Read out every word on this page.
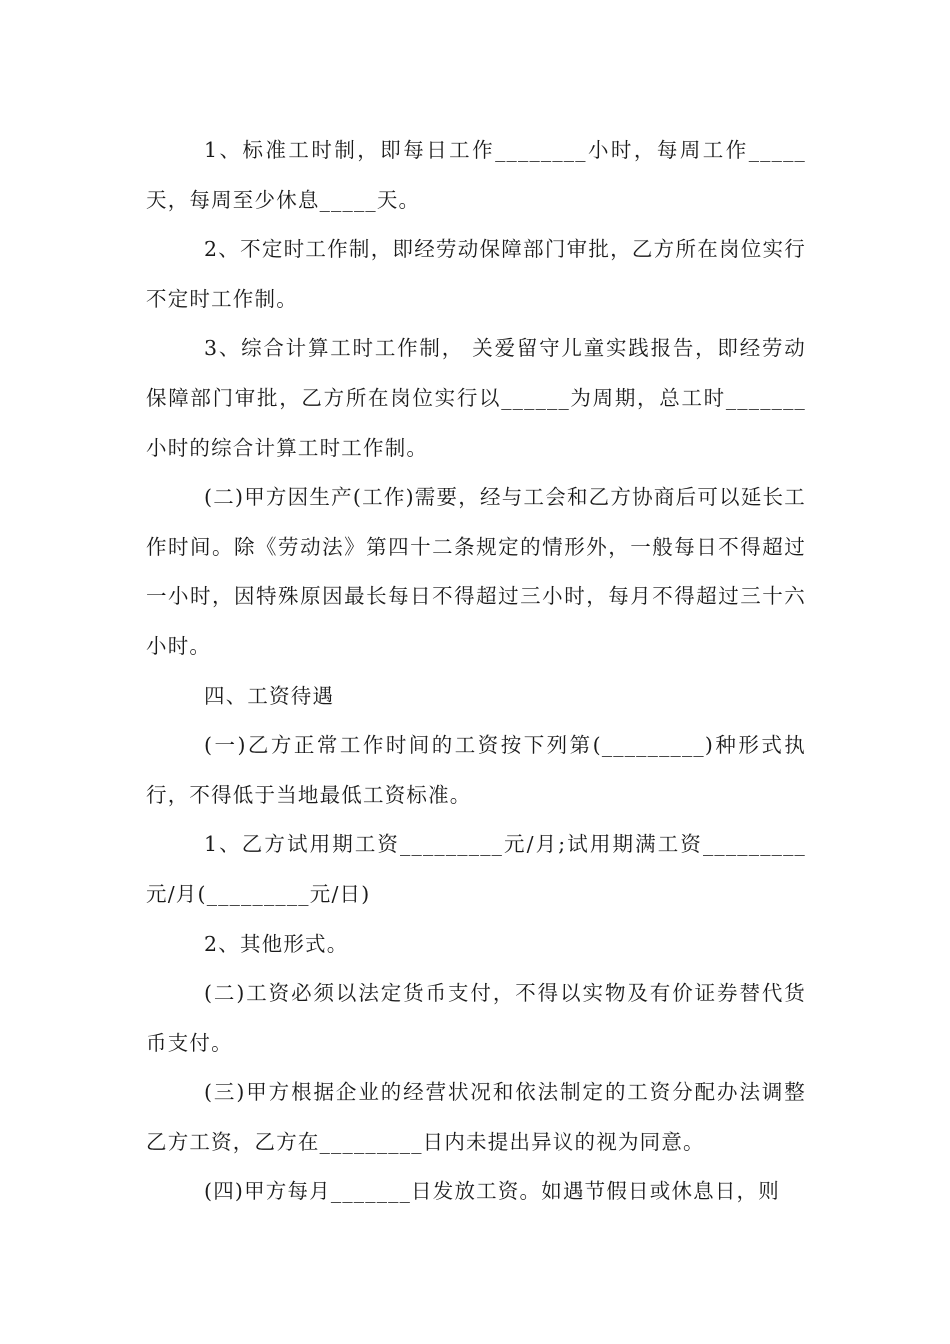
1、标准工时制，即每日工作________小时，每周工作_____天，每周至少休息_____天。

2、不定时工作制，即经劳动保障部门审批，乙方所在岗位实行不定时工作制。

3、综合计算工时工作制， 关爱留守儿童实践报告，即经劳动保障部门审批，乙方所在岗位实行以______为周期，总工时_______小时的综合计算工时工作制。

(二)甲方因生产(工作)需要，经与工会和乙方协商后可以延长工作时间。除《劳动法》第四十二条规定的情形外，一般每日不得超过一小时，因特殊原因最长每日不得超过三小时，每月不得超过三十六小时。

四、工资待遇

(一)乙方正常工作时间的工资按下列第(_________)种形式执行，不得低于当地最低工资标准。

1、乙方试用期工资_________元/月;试用期满工资_________元/月(_________元/日)

2、其他形式。

(二)工资必须以法定货币支付，不得以实物及有价证券替代货币支付。

(三)甲方根据企业的经营状况和依法制定的工资分配办法调整乙方工资，乙方在_________日内未提出异议的视为同意。

(四)甲方每月_______日发放工资。如遇节假日或休息日，则
